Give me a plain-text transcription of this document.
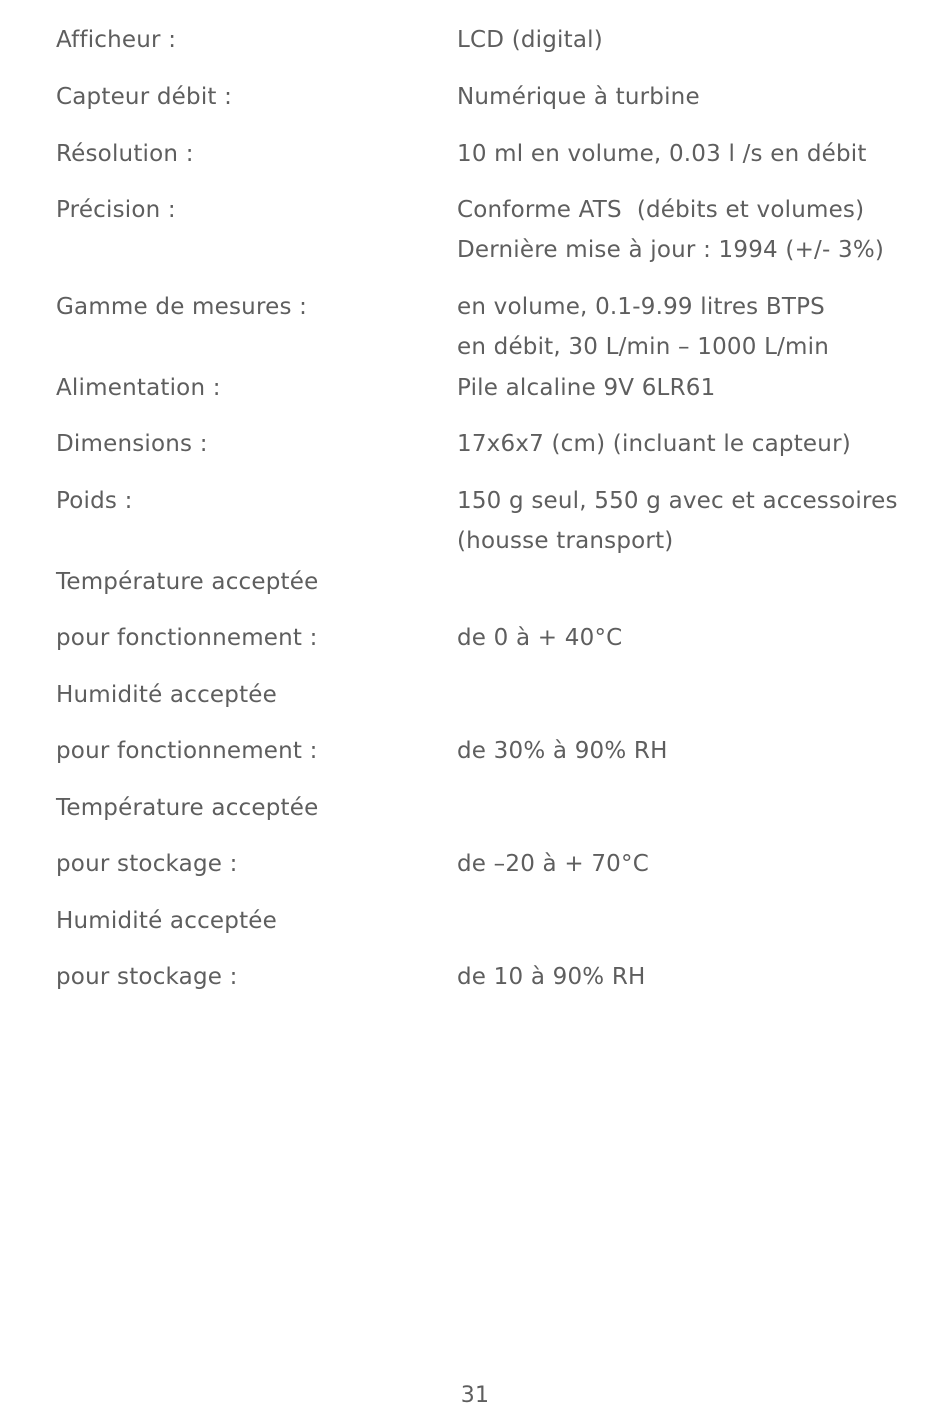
Afficheur :	LCD (digital)
Capteur débit :	Numérique à turbine
Résolution :	10 ml en volume, 0.03 l /s en débit
Précision :	Conforme ATS  (débits et volumes)
Dernière mise à jour : 1994 (+/- 3%)
Gamme de mesures :	en volume, 0.1-9.99 litres BTPS
en débit, 30 L/min – 1000 L/min
Alimentation :	Pile alcaline 9V 6LR61
Dimensions :	17x6x7 (cm) (incluant le capteur)
Poids :	150 g seul, 550 g avec et accessoires
(housse transport)
Température acceptée
pour fonctionnement :	de 0 à + 40°C
Humidité acceptée
pour fonctionnement :	de 30% à 90% RH
Température acceptée
pour stockage :	de –20 à + 70°C
Humidité acceptée
pour stockage :	de 10 à 90% RH
31
